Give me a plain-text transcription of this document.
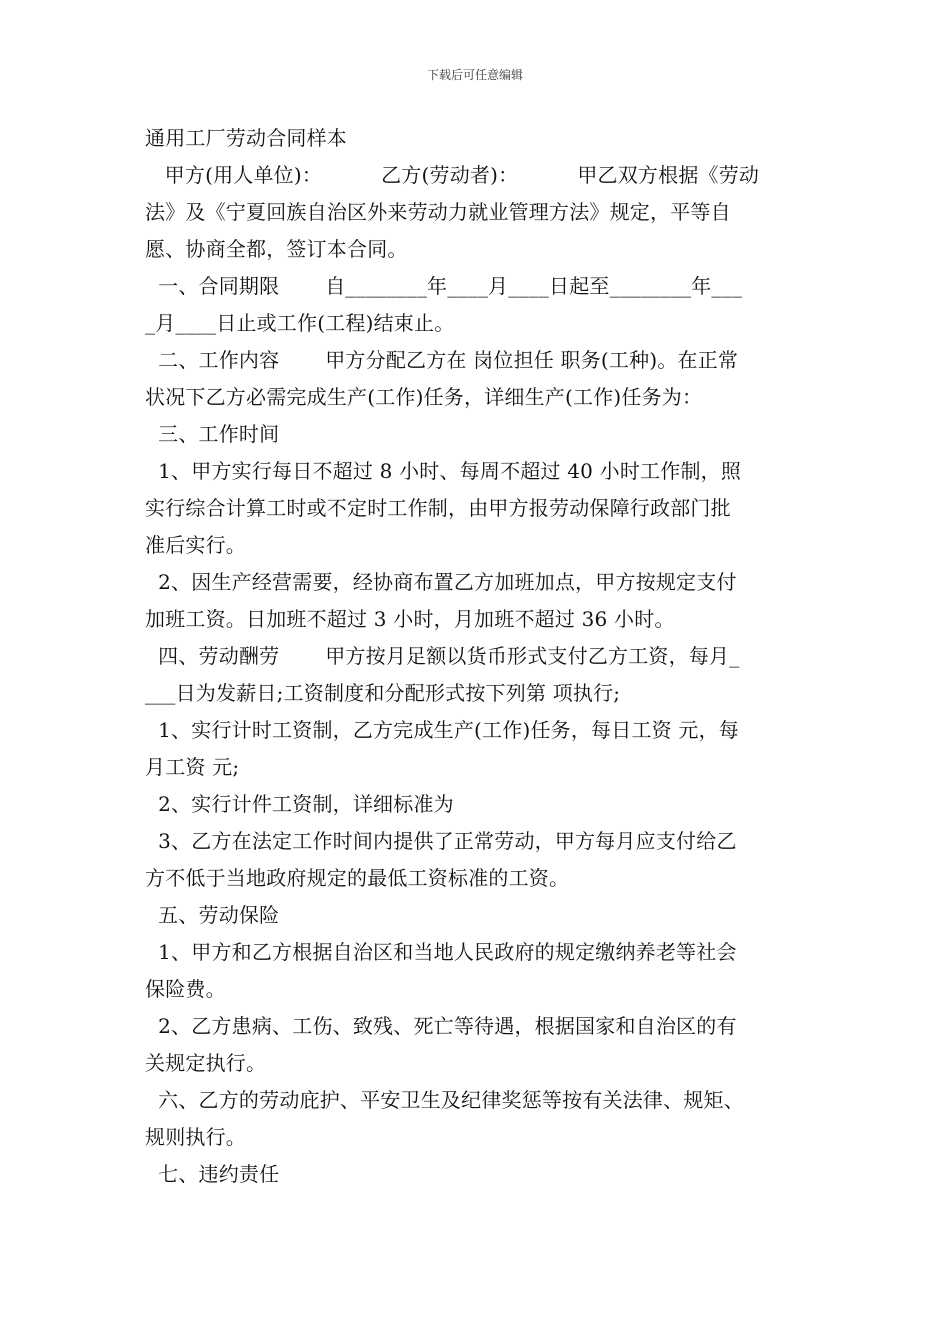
下载后可任意编辑
通用工厂劳动合同样本
甲方(用人单位)：         乙方(劳动者)：         甲乙双方根据《劳动
法》及《宁夏回族自治区外来劳动力就业管理方法》规定，平等自
愿、协商全都，签订本合同。
一、合同期限       自________年____月____日起至________年___
_月____日止或工作(工程)结束止。
二、工作内容       甲方分配乙方在 岗位担任 职务(工种)。在正常
状况下乙方必需完成生产(工作)任务，详细生产(工作)任务为：
三、工作时间
1、甲方实行每日不超过 8 小时、每周不超过 40 小时工作制，照
实行综合计算工时或不定时工作制，由甲方报劳动保障行政部门批
准后实行。
2、因生产经营需要，经协商布置乙方加班加点，甲方按规定支付
加班工资。日加班不超过 3 小时，月加班不超过 36 小时。
四、劳动酬劳       甲方按月足额以货币形式支付乙方工资，每月_
___日为发薪日;工资制度和分配形式按下列第 项执行;
1、实行计时工资制，乙方完成生产(工作)任务，每日工资 元，每
月工资 元;
2、实行计件工资制，详细标准为
3、乙方在法定工作时间内提供了正常劳动，甲方每月应支付给乙
方不低于当地政府规定的最低工资标准的工资。
五、劳动保险
1、甲方和乙方根据自治区和当地人民政府的规定缴纳养老等社会
保险费。
2、乙方患病、工伤、致残、死亡等待遇，根据国家和自治区的有
关规定执行。
六、乙方的劳动庇护、平安卫生及纪律奖惩等按有关法律、规矩、
规则执行。
七、违约责任
